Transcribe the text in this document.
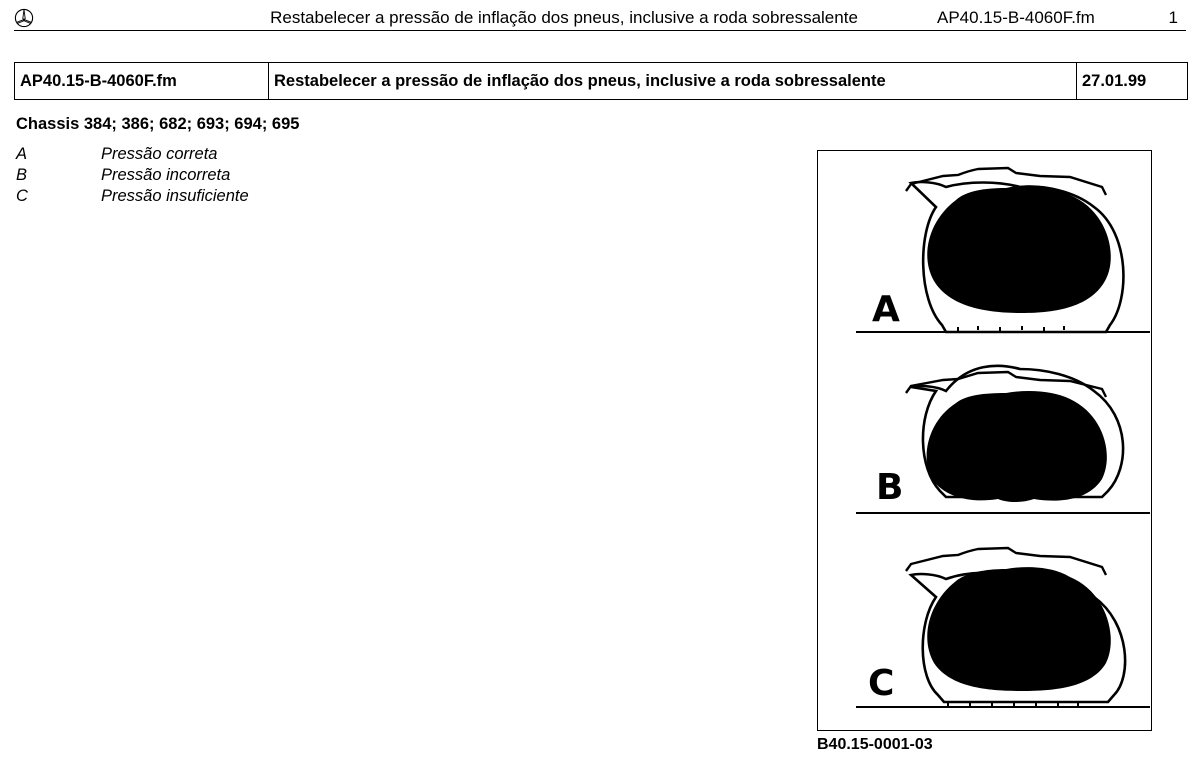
Restabelecer a pressão de inflação dos pneus, inclusive a roda sobressalente	AP40.15-B-4060F.fm	1
AP40.15-B-4060F.fm	Restabelecer a pressão de inflação dos pneus, inclusive a roda sobressalente	27.01.99
Chassis 384; 386; 682; 693; 694; 695
A	Pressão correta
B	Pressão incorreta
C	Pressão insuficiente
A
B
C
B40.15-0001-03
